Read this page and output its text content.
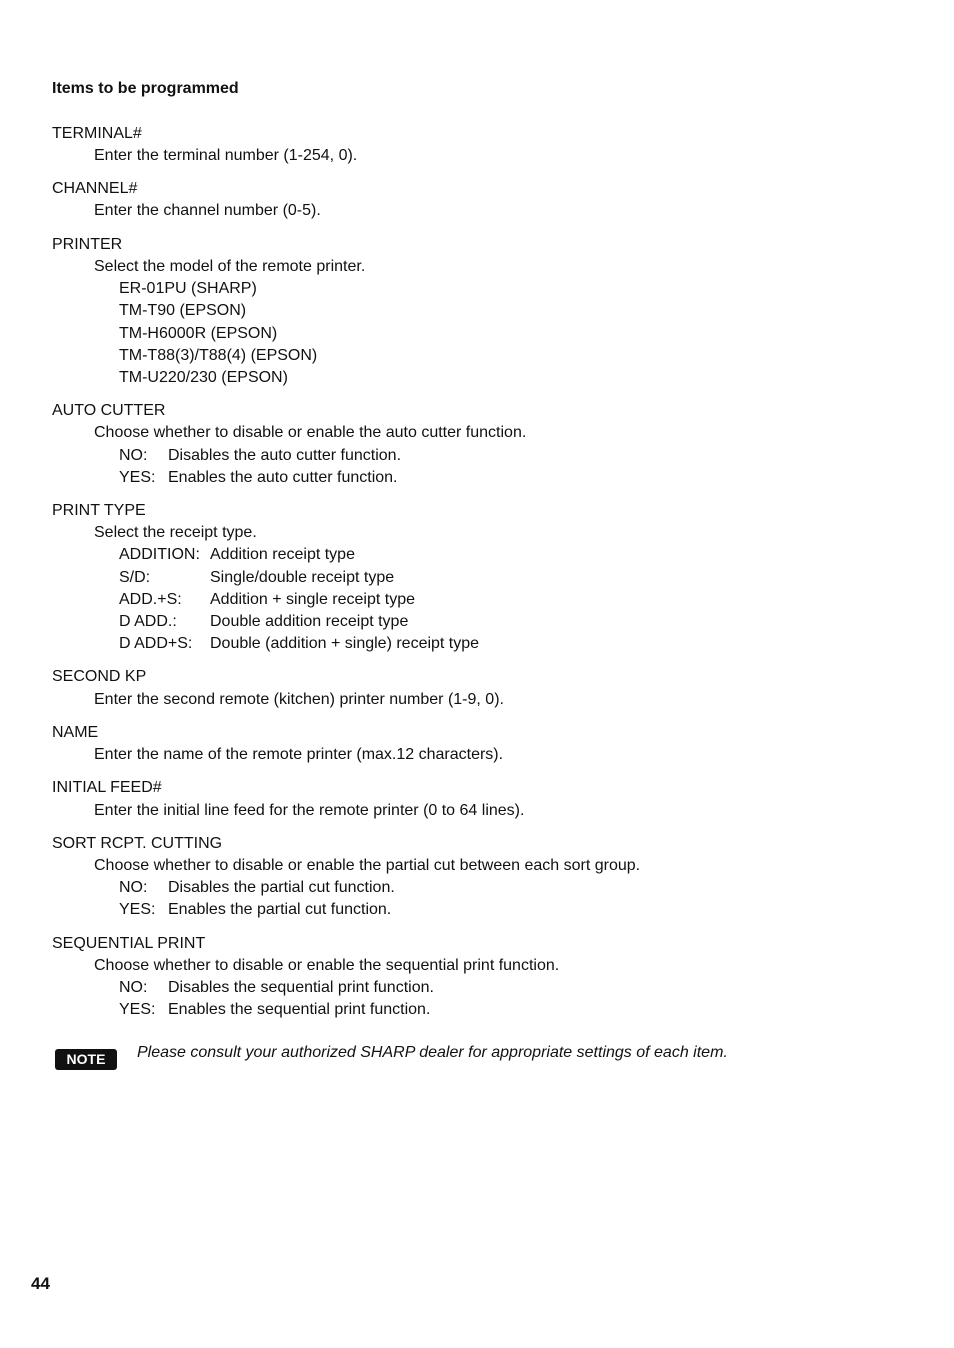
Items to be programmed
TERMINAL#
Enter the terminal number (1-254, 0).
CHANNEL#
Enter the channel number (0-5).
PRINTER
Select the model of the remote printer.
ER-01PU (SHARP)
TM-T90 (EPSON)
TM-H6000R (EPSON)
TM-T88(3)/T88(4) (EPSON)
TM-U220/230 (EPSON)
AUTO CUTTER
Choose whether to disable or enable the auto cutter function.
NO: Disables the auto cutter function.
YES: Enables the auto cutter function.
PRINT TYPE
Select the receipt type.
ADDITION: Addition receipt type
S/D:	Single/double receipt type
ADD.+S: Addition + single receipt type
D ADD.: Double addition receipt type
D ADD+S: Double (addition + single) receipt type
SECOND KP
Enter the second remote (kitchen) printer number (1-9, 0).
NAME
Enter the name of the remote printer (max.12 characters).
INITIAL FEED#
Enter the initial line feed for the remote printer (0 to 64 lines).
SORT RCPT. CUTTING
Choose whether to disable or enable the partial cut between each sort group.
NO: Disables the partial cut function.
YES: Enables the partial cut function.
SEQUENTIAL PRINT
Choose whether to disable or enable the sequential print function.
NO: Disables the sequential print function.
YES: Enables the sequential print function.
NOTE	Please consult your authorized SHARP dealer for appropriate settings of each item.
44
